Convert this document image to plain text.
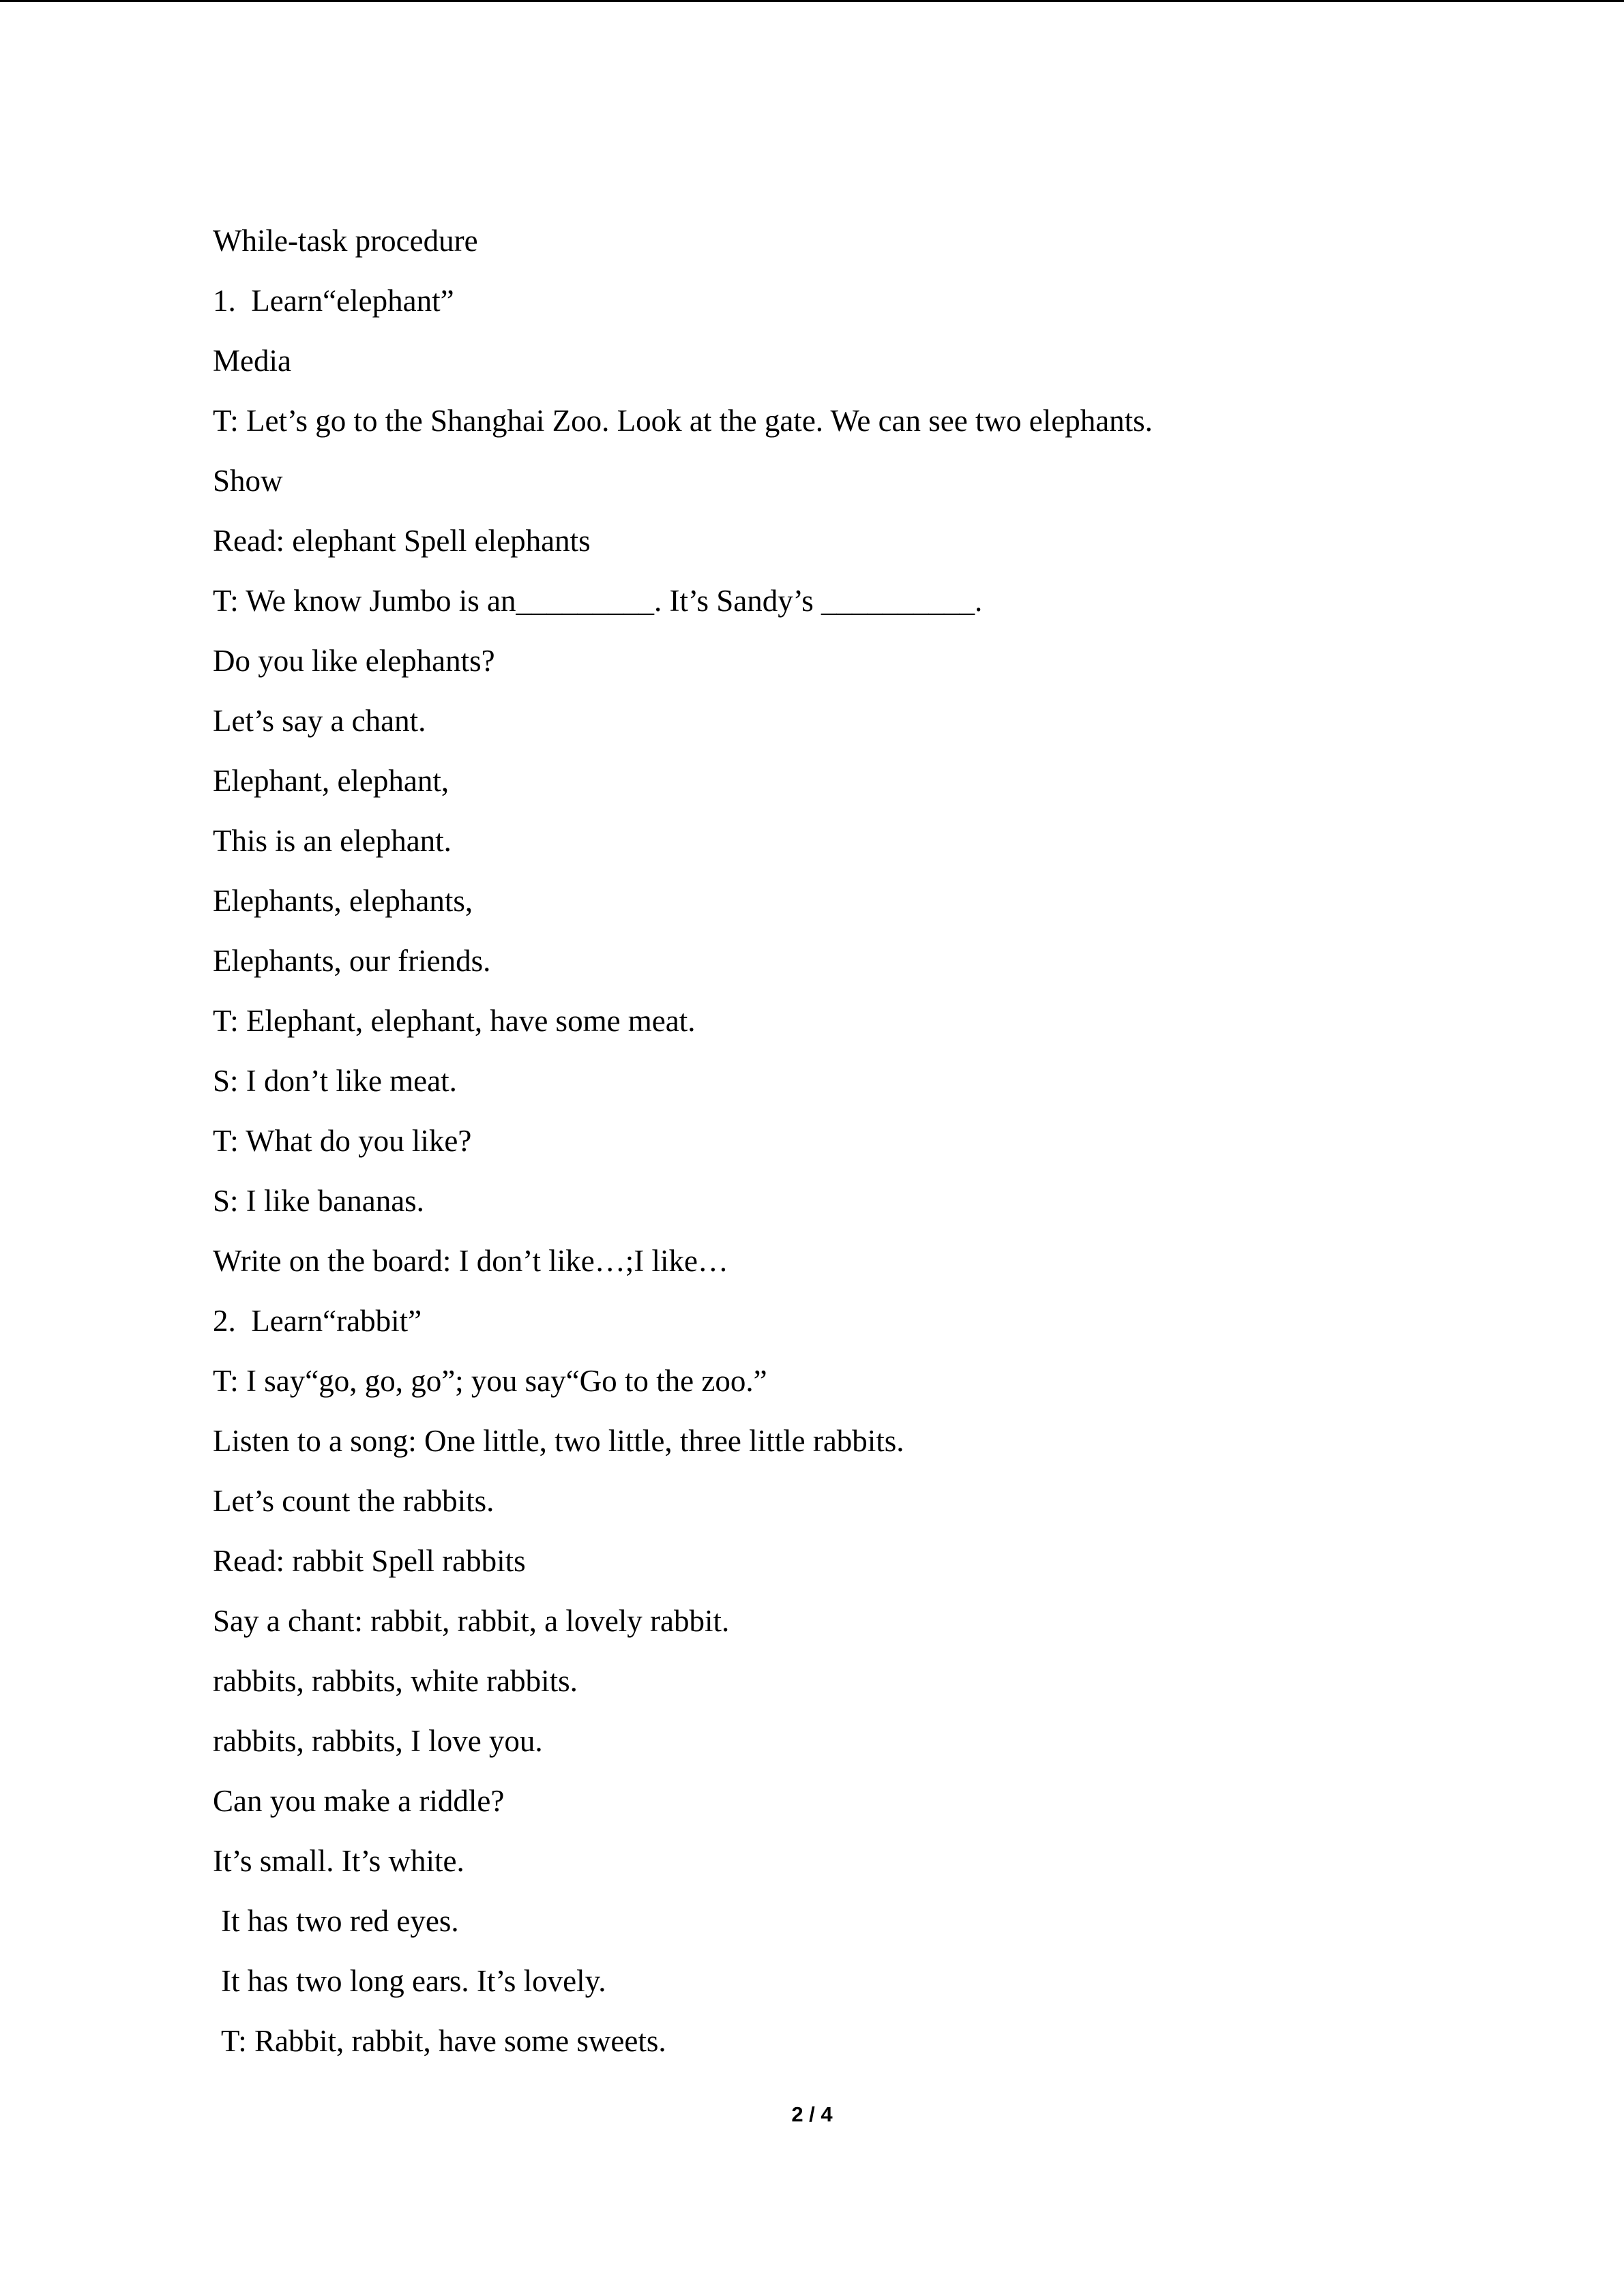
While-task procedure
1.  Learn“elephant”
Media
T: Let’s go to the Shanghai Zoo. Look at the gate. We can see two elephants.
Show
Read: elephant Spell elephants
T: We know Jumbo is an_________. It’s Sandy’s __________.
Do you like elephants?
Let’s say a chant.
Elephant, elephant,
This is an elephant.
Elephants, elephants,
Elephants, our friends.
T: Elephant, elephant, have some meat.
S: I don’t like meat.
T: What do you like?
S: I like bananas.
Write on the board: I don’t like…;I like…
2.  Learn“rabbit”
T: I say“go, go, go”; you say“Go to the zoo.”
Listen to a song: One little, two little, three little rabbits.
Let’s count the rabbits.
Read: rabbit Spell rabbits
Say a chant: rabbit, rabbit, a lovely rabbit.
rabbits, rabbits, white rabbits.
rabbits, rabbits, I love you.
Can you make a riddle?
It’s small. It’s white.
It has two red eyes.
It has two long ears. It’s lovely.
T: Rabbit, rabbit, have some sweets.
2 / 4
